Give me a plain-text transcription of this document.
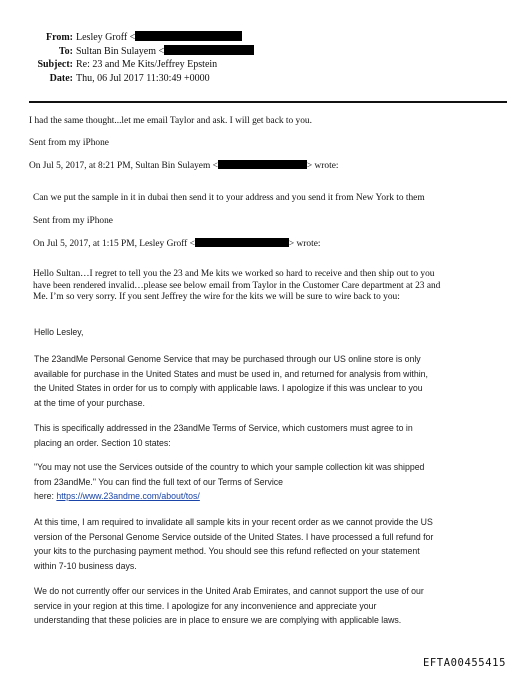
From: Lesley Groff <
To: Sultan Bin Sulayem <
Subject: Re: 23 and Me Kits/Jeffrey Epstein
Date: Thu, 06 Jul 2017 11:30:49 +0000
I had the same thought...let me email Taylor and ask. I will get back to you.
Sent from my iPhone
On Jul 5, 2017, at 8:21 PM, Sultan Bin Sulayem <	> wrote:
Can we put the sample in it in dubai then send it to your address and you send it from New York to them
Sent from my iPhone
On Jul 5, 2017, at 1:15 PM, Lesley Groff <	> wrote:
Hello Sultan…I regret to tell you the 23 and Me kits we worked so hard to receive and then ship out to you
have been rendered invalid…please see below email from Taylor in the Customer Care department at 23 and
Me. I’m so very sorry. If you sent Jeffrey the wire for the kits we will be sure to wire back to you:
Hello Lesley,

The 23andMe Personal Genome Service that may be purchased through our US online store is only

available for purchase in the United States and must be used in, and returned for analysis from within,

the United States in order for us to comply with applicable laws. I apologize if this was unclear to you

at the time of your purchase.

This is specifically addressed in the 23andMe Terms of Service, which customers must agree to in

placing an order. Section 10 states:

"You may not use the Services outside of the country to which your sample collection kit was shipped

from 23andMe." You can find the full text of our Terms of Service

here: https://www.23andme.com/about/tos/

At this time, I am required to invalidate all sample kits in your recent order as we cannot provide the US

version of the Personal Genome Service outside of the United States. I have processed a full refund for

your kits to the purchasing payment method. You should see this refund reflected on your statement

within 7-10 business days.

We do not currently offer our services in the United Arab Emirates, and cannot support the use of our

service in your region at this time. I apologize for any inconvenience and appreciate your

understanding that these policies are in place to ensure we are complying with applicable laws.

EFTA00455415
